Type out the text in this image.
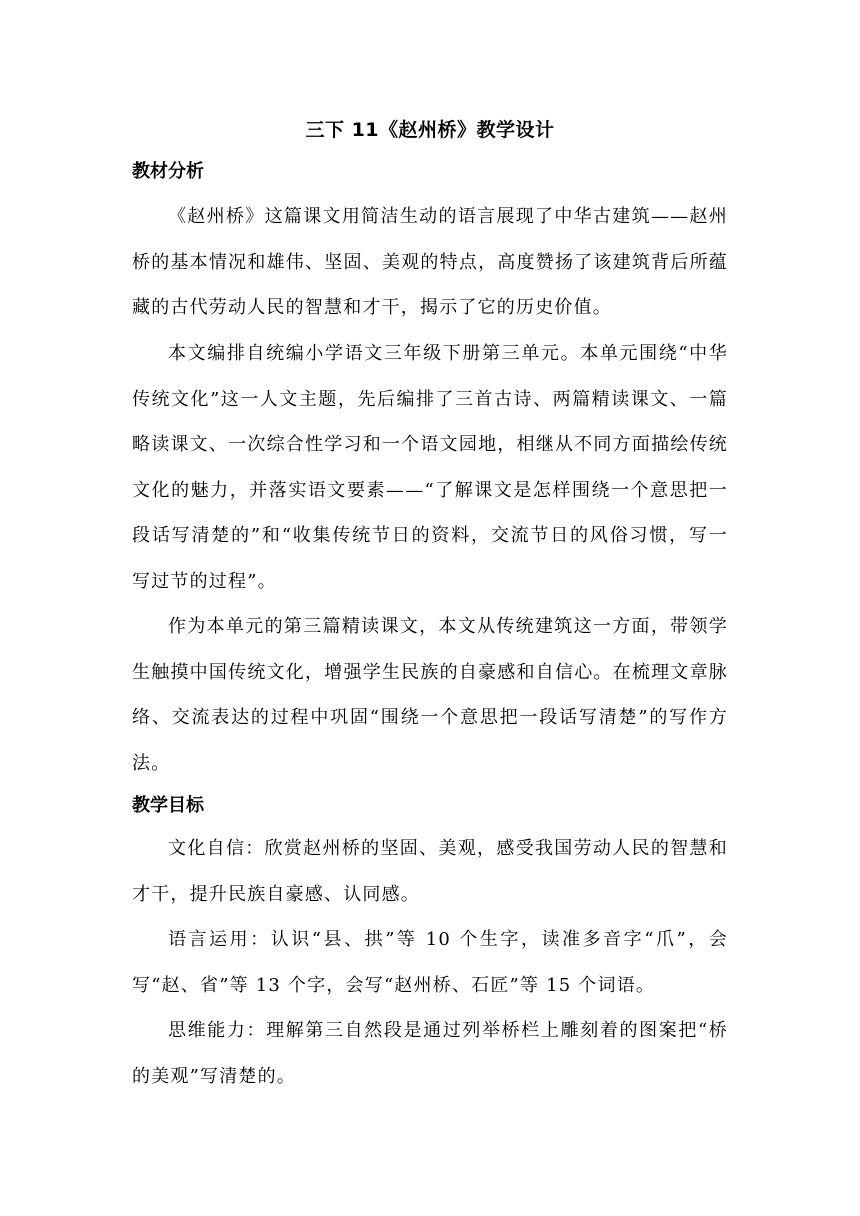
三下 11《赵州桥》教学设计
教材分析

《赵州桥》这篇课文用简洁生动的语言展现了中华古建筑——赵州桥的基本情况和雄伟、坚固、美观的特点，高度赞扬了该建筑背后所蕴藏的古代劳动人民的智慧和才干，揭示了它的历史价值。

本文编排自统编小学语文三年级下册第三单元。本单元围绕“中华传统文化”这一人文主题，先后编排了三首古诗、两篇精读课文、一篇略读课文、一次综合性学习和一个语文园地，相继从不同方面描绘传统文化的魅力，并落实语文要素——“了解课文是怎样围绕一个意思把一段话写清楚的”和“收集传统节日的资料，交流节日的风俗习惯，写一写过节的过程”。

作为本单元的第三篇精读课文，本文从传统建筑这一方面，带领学生触摸中国传统文化，增强学生民族的自豪感和自信心。在梳理文章脉络、交流表达的过程中巩固“围绕一个意思把一段话写清楚”的写作方法。

教学目标

文化自信：欣赏赵州桥的坚固、美观，感受我国劳动人民的智慧和才干，提升民族自豪感、认同感。

语言运用：认识“县、拱”等 10 个生字，读准多音字“爪”，会写“赵、省”等 13 个字，会写“赵州桥、石匠”等 15 个词语。

思维能力：理解第三自然段是通过列举桥栏上雕刻着的图案把“桥的美观”写清楚的。
